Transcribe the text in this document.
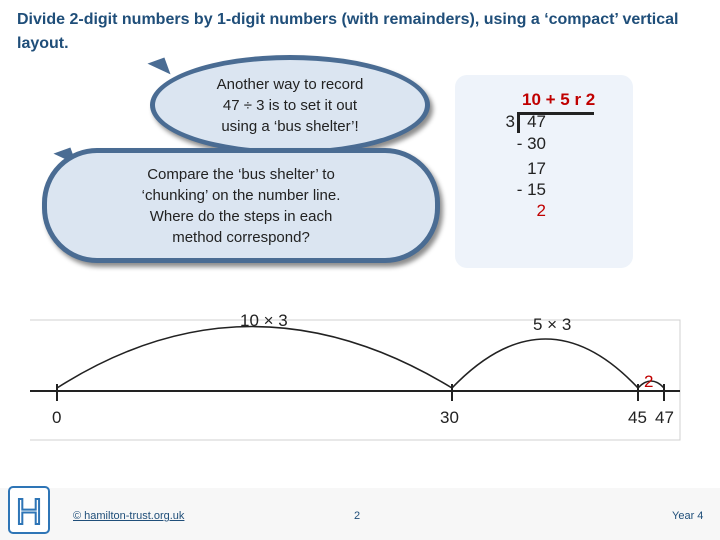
Divide 2-digit numbers by 1-digit numbers (with remainders), using a ‘compact’ vertical layout.
Another way to record
47 ÷ 3 is to set it out
using a ‘bus shelter’!
Compare the ‘bus shelter’ to
‘chunking’ on the number line.
Where do the steps in each
method correspond?
10 + 5 r 2
3 47
- 30
17
- 15
2
10 × 3	5 × 3
2
0	30	45 47
H	© hamilton-trust.org.uk	2	Year 4
